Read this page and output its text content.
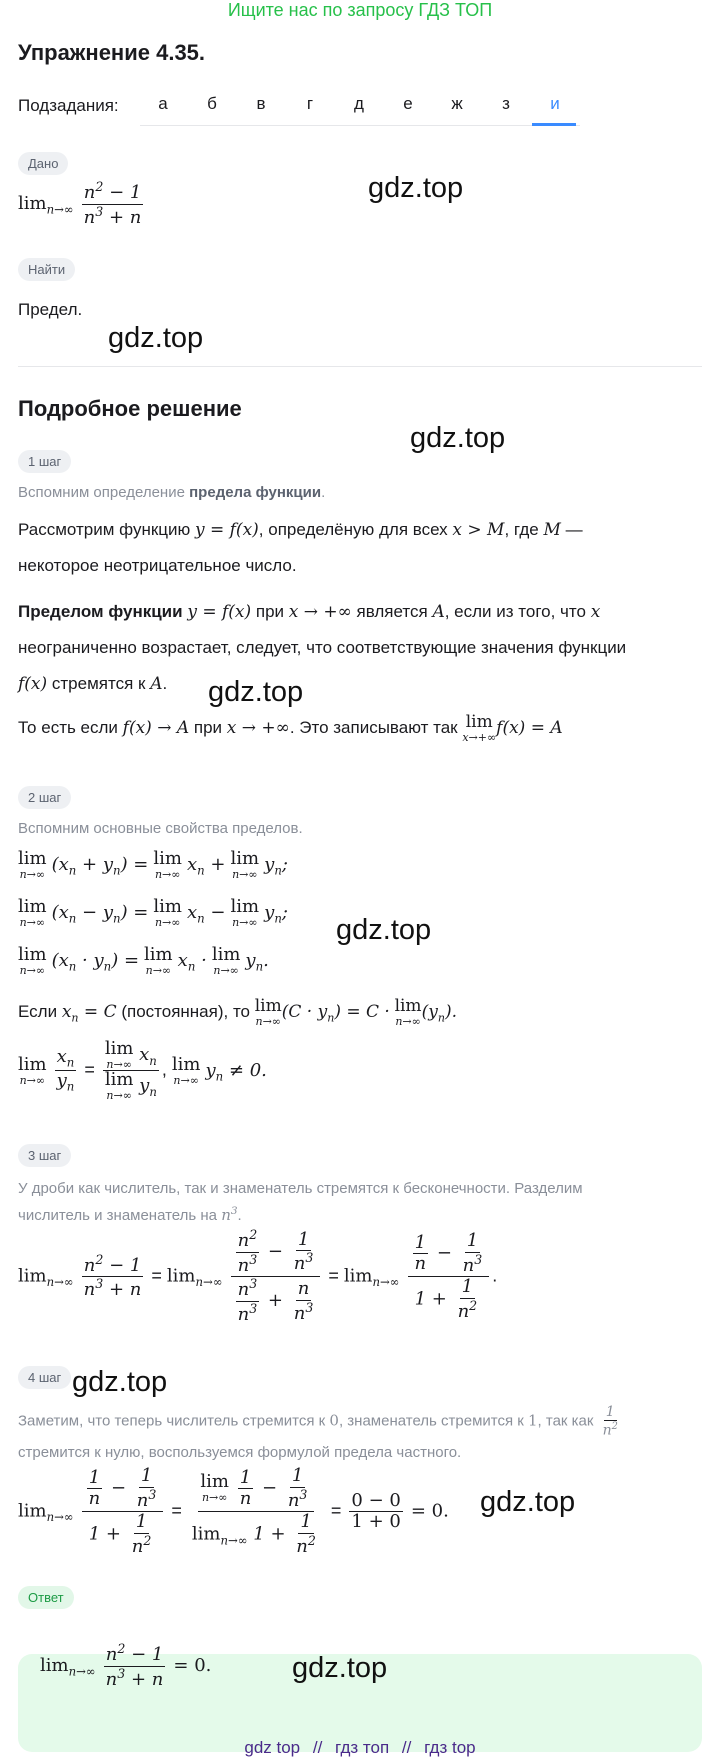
Ищите нас по запросу ГДЗ ТОП
Упражнение 4.35.
Подзадания:	а	б	в	г	д	е	ж	з	и
Дано
$\lim_{n\to\infty} \frac{n^2 - 1}{n^3 + n}$	gdz.top
Найти
Предел.
gdz.top
Подробное решение
gdz.top
1 шаг
Вспомним определение предела функции.
Рассмотрим функцию y = f(x), определёную для всех x > M, где M —
некоторое неотрицательное число.
Пределом функции y = f(x) при x → +∞ является A, если из того, что x
неограниченно возрастает, следует, что соответствующие значения функции
f(x) стремятся к A.	gdz.top
То есть если f(x) → A при x → +∞. Это записывают так lim
x→+∞ f(x) = A
2 шаг
Вспомним основные свойства пределов.
lim
n→∞ $(x_n + y_n) = \lim$
n→∞ $x_n + \lim$
n→∞ $y_n$;
lim
n→∞ $(x_n - y_n) = \lim$
n→∞ $x_n - \lim$
n→∞ $y_n$;
gdz.top
lim
n→∞ $(x_n \cdot y_n) = \lim$
n→∞ $x_n \cdot \lim$
n→∞ $y_n$.
Если $x_n = C$ (постоянная), то lim
n→∞ $(C \cdot y_n) = C \cdot \lim$
n→∞ $(y_n)$.
lim
n→∞
$\frac{x_n}{y_n} = \lim$
n→∞ $x_n$
lim
n→∞ $y_n$ , lim
n→∞ $y_n \ne 0$.
3 шаг
У дроби как числитель, так и знаменатель стремятся к бесконечности. Разделим
числитель и знаменатель на $n^3$.
$\lim_{n\to\infty} \frac{n^2 - 1}{n^3 + n} = \lim_{n\to\infty} \frac{\frac{n^2}{n^3} - \frac{1}{n^3}}{\frac{n^3}{n^3} + \frac{n}{n^3}} = \lim_{n\to\infty} \frac{\frac{1}{n} - \frac{1}{n^3}}{1 + \frac{1}{n^2}}$ .
4 шаг gdz.top
Заметим, что теперь числитель стремится к 0, знаменатель стремится к 1, так как $\frac{1}{n^2}$

стремится к нулю, воспользуемся формулой предела частного.
$\lim_{n\to\infty} \frac{\frac{1}{n} - \frac{1}{n^3}}{1 + \frac{1}{n^2}} = \lim$
n→∞
$\frac{1}{n} - \frac{1}{n^3}$
$\lim_{n\to\infty} 1 + \frac{1}{n^2} = \frac{0 - 0}{1 + 0} = 0$. gdz.top
Ответ
$\lim_{n\to\infty} \frac{n^2 - 1}{n^3 + n} = 0$.	gdz.top
gdz top // гдз топ // гдз top
